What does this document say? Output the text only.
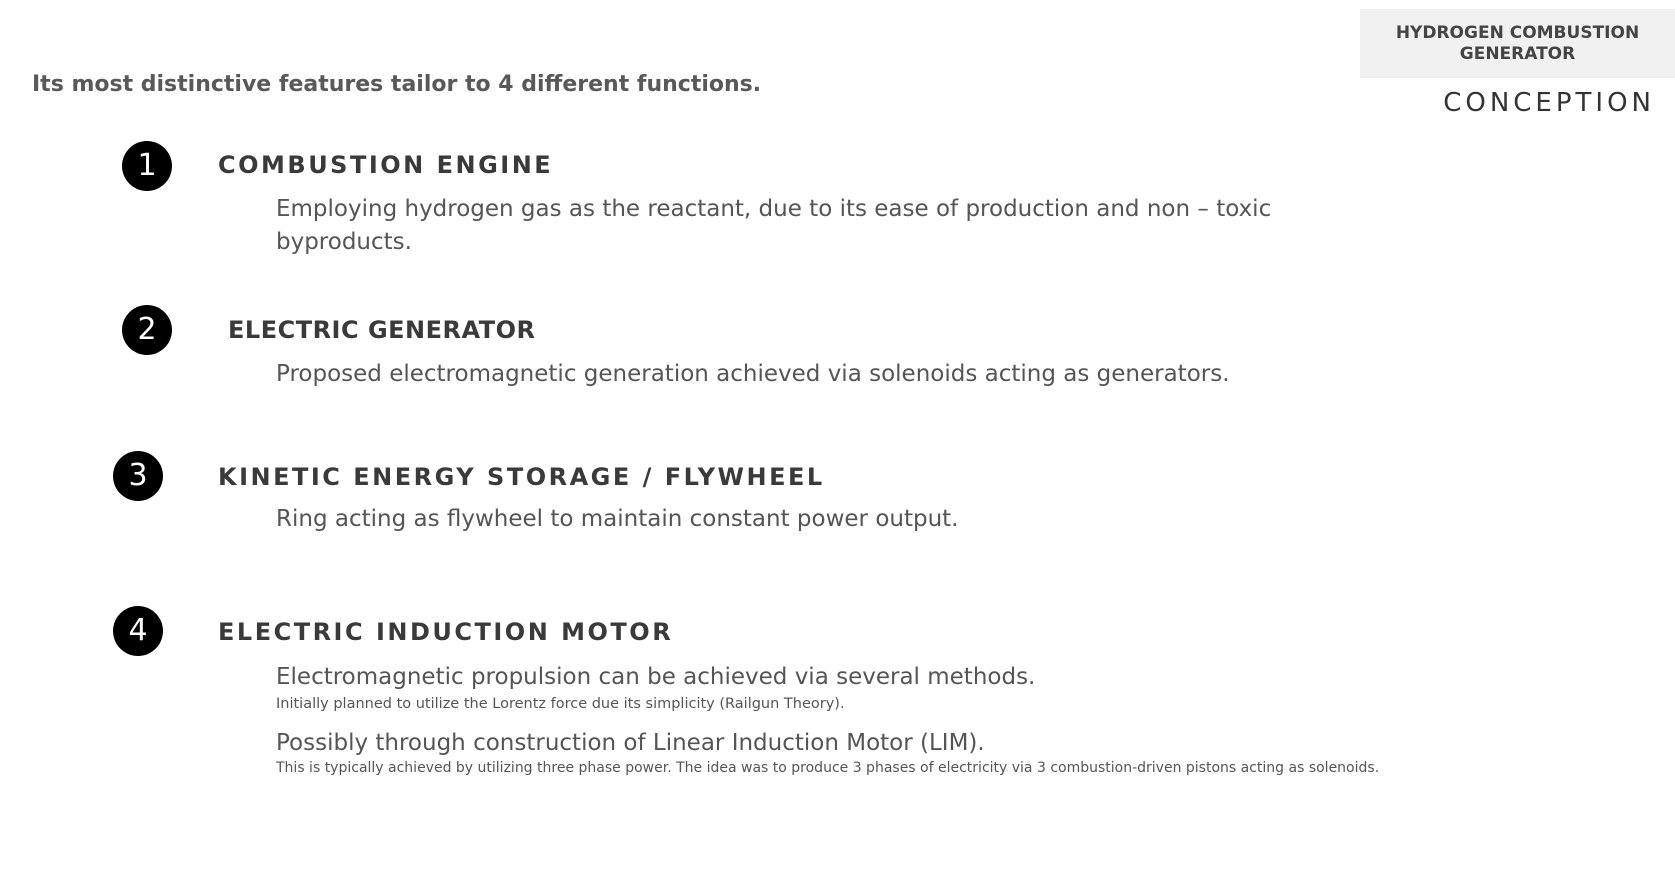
HYDROGEN COMBUSTION GENERATOR
CONCEPTION
Its most distinctive features tailor to 4 different functions.
1	COMBUSTION ENGINE
Employing hydrogen gas as the reactant, due to its ease of production and non – toxic byproducts.
2	ELECTRIC GENERATOR
Proposed electromagnetic generation achieved via solenoids acting as generators.
3	KINETIC ENERGY STORAGE / FLYWHEEL
Ring acting as flywheel to maintain constant power output.
4	ELECTRIC INDUCTION MOTOR
Electromagnetic propulsion can be achieved via several methods.
Initially planned to utilize the Lorentz force due its simplicity (Railgun Theory).
Possibly through construction of Linear Induction Motor (LIM).
This is typically achieved by utilizing three phase power. The idea was to produce 3 phases of electricity via 3 combustion-driven pistons acting as solenoids.
